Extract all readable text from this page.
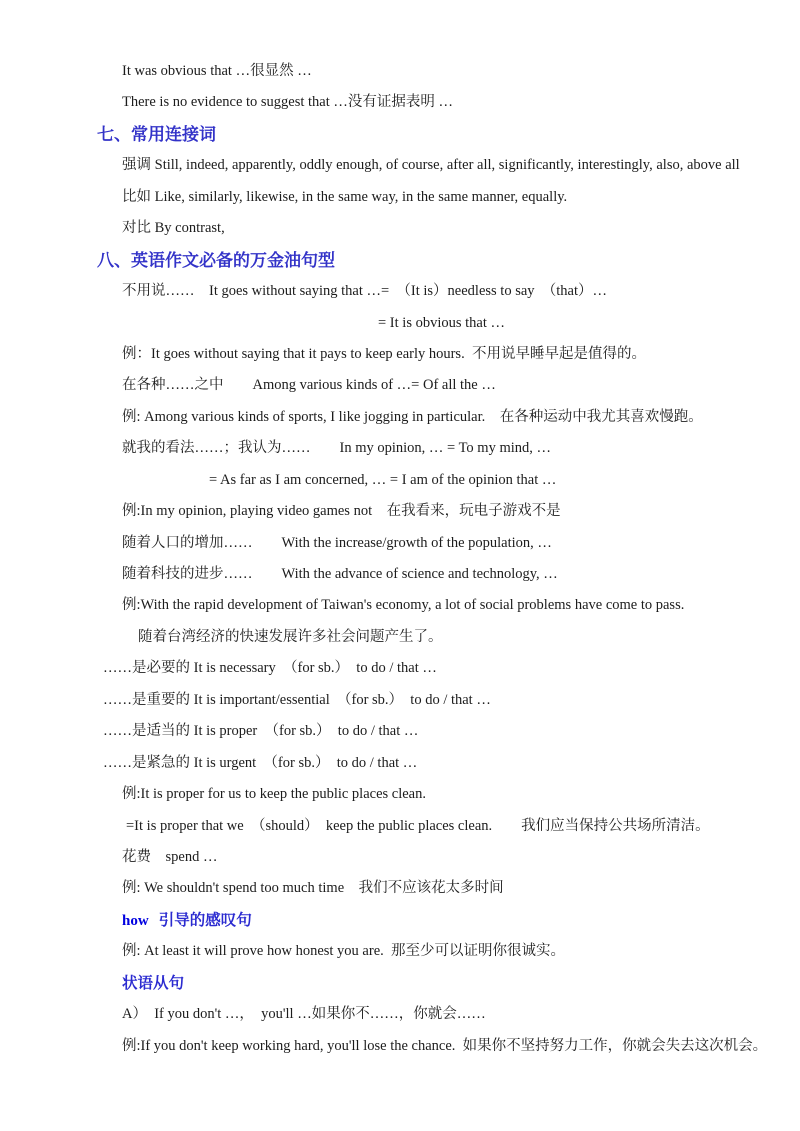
It was obvious that …很显然 …
There is no evidence to suggest that …没有证据表明 …
七、常用连接词
强调 Still, indeed, apparently, oddly enough, of course, after all, significantly, interestingly, also, above all
比如 Like, similarly, likewise, in the same way, in the same manner, equally.
对比 By contrast,
八、英语作文必备的万金油句型
不用说……　It goes without saying that …=　（It is）needless to say　（that）…
= It is obvious that …
例：It goes without saying that it pays to keep early hours.  不用说早睡早起是值得的。
在各种……之中　　Among various kinds of …= Of all the …
例: Among various kinds of sports, I like jogging in particular.　在各种运动中我尤其喜欢慢跑。
就我的看法……；我认为……　　In my opinion, … = To my mind, …
= As far as I am concerned, … = I am of the opinion that …
例:In my opinion, playing video games not　在我看来，玩电子游戏不是
随着人口的增加……　　With the increase/growth of the population, …
随着科技的进步……　　With the advance of science and technology, …
例:With the rapid development of Taiwan's economy, a lot of social problems have come to pass.
随着台湾经济的快速发展许多社会问题产生了。
……是必要的 It is necessary　（for sb.）　to do / that …
……是重要的 It is important/essential　（for sb.）　to do / that …
……是适当的 It is proper　（for sb.）　to do / that …
……是紧急的 It is urgent　（for sb.）　to do / that …
例:It is proper for us to keep the public places clean.
=It is proper that we　（should）　keep the public places clean.　　我们应当保持公共场所清洁。
花费　spend …
例: We shouldn't spend too much time　我们不应该花太多时间
how 引导的感叹句
例: At least it will prove how honest you are.  那至少可以证明你很诚实。
状语从句
A）　If you don't …，　you'll …如果你不……，你就会……
例:If you don't keep working hard, you'll lose the chance.  如果你不坚持努力工作，你就会失去这次机会。
